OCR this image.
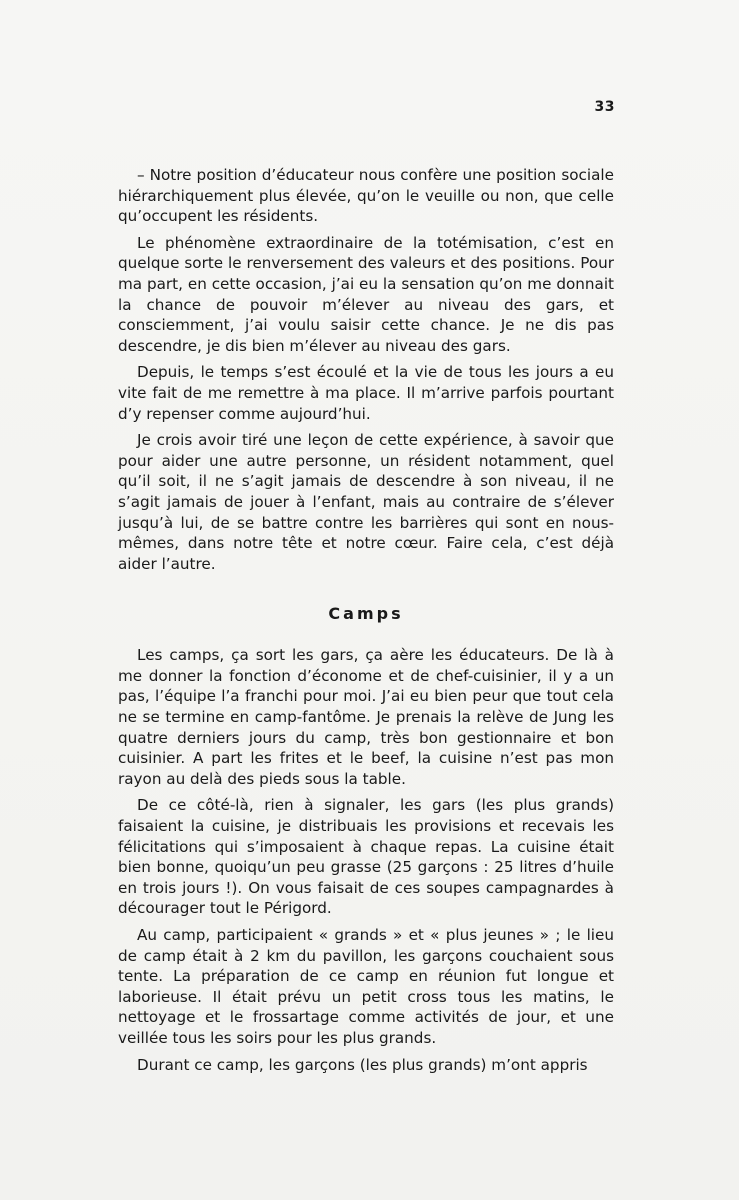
33

– Notre position d’éducateur nous confère une position sociale hiérarchiquement plus élevée, qu’on le veuille ou non, que celle qu’occupent les résidents.

Le phénomène extraordinaire de la totémisation, c’est en quelque sorte le renversement des valeurs et des positions. Pour ma part, en cette occasion, j’ai eu la sensation qu’on me donnait la chance de pouvoir m’élever au niveau des gars, et consciemment, j’ai voulu saisir cette chance. Je ne dis pas descendre, je dis bien m’élever au niveau des gars.

Depuis, le temps s’est écoulé et la vie de tous les jours a eu vite fait de me remettre à ma place. Il m’arrive parfois pourtant d’y repenser comme aujourd’hui.

Je crois avoir tiré une leçon de cette expérience, à savoir que pour aider une autre personne, un résident notamment, quel qu’il soit, il ne s’agit jamais de descendre à son niveau, il ne s’agit jamais de jouer à l’enfant, mais au contraire de s’élever jusqu’à lui, de se battre contre les barrières qui sont en nous-mêmes, dans notre tête et notre cœur. Faire cela, c’est déjà aider l’autre.

Camps

Les camps, ça sort les gars, ça aère les éducateurs. De là à me donner la fonction d’économe et de chef-cuisinier, il y a un pas, l’équipe l’a franchi pour moi. J’ai eu bien peur que tout cela ne se termine en camp-fantôme. Je prenais la relève de Jung les quatre derniers jours du camp, très bon gestionnaire et bon cuisinier. A part les frites et le beef, la cuisine n’est pas mon rayon au delà des pieds sous la table.

De ce côté-là, rien à signaler, les gars (les plus grands) faisaient la cuisine, je distribuais les provisions et recevais les félicitations qui s’imposaient à chaque repas. La cuisine était bien bonne, quoiqu’un peu grasse (25 garçons : 25 litres d’huile en trois jours !). On vous faisait de ces soupes campagnardes à décourager tout le Périgord.

Au camp, participaient « grands » et « plus jeunes » ; le lieu de camp était à 2 km du pavillon, les garçons couchaient sous tente. La préparation de ce camp en réunion fut longue et laborieuse. Il était prévu un petit cross tous les matins, le nettoyage et le frossartage comme activités de jour, et une veillée tous les soirs pour les plus grands.

Durant ce camp, les garçons (les plus grands) m’ont appris
